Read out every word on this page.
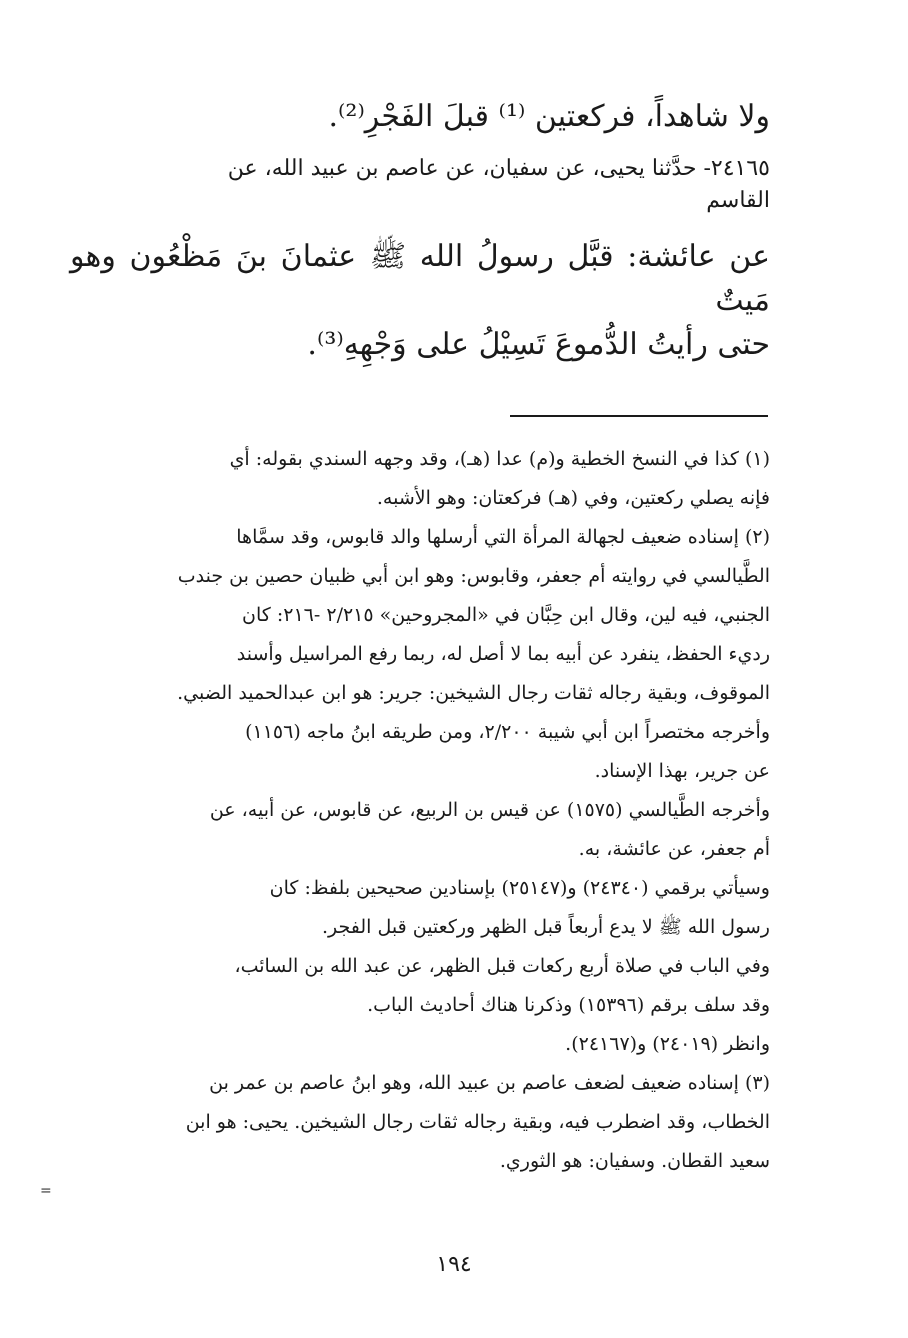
ولا شاهداً، فركعتين ⁽¹⁾ قبلَ الفَجْرِ⁽²⁾.

٢٤١٦٥- حدَّثنا يحيى، عن سفيان، عن عاصم بن عبيد الله، عن

القاسم

عن عائشة: قبَّل رسولُ الله ﷺ عثمانَ بنَ مَظْعُون وهو مَيتٌ

حتى رأيتُ الدُّموعَ تَسِيْلُ على وَجْهِهِ⁽³⁾.

(١) كذا في النسخ الخطية و(م) عدا (هـ)، وقد وجهه السندي بقوله: أي

فإنه يصلي ركعتين، وفي (هـ) فركعتان: وهو الأشبه.

(٢) إسناده ضعيف لجهالة المرأة التي أرسلها والد قابوس، وقد سمَّاها

الطَّيالسي في روايته أم جعفر، وقابوس: وهو ابن أبي ظبيان حصين بن جندب

الجنبي، فيه لين، وقال ابن حِبَّان في «المجروحين» ٢/٢١٥ -٢١٦: كان

رديء الحفظ، ينفرد عن أبيه بما لا أصل له، ربما رفع المراسيل وأسند

الموقوف، وبقية رجاله ثقات رجال الشيخين: جرير: هو ابن عبدالحميد الضبي.

وأخرجه مختصراً ابن أبي شيبة ٢/٢٠٠، ومن طريقه ابنُ ماجه (١١٥٦)

عن جرير، بهذا الإسناد.

وأخرجه الطَّيالسي (١٥٧٥) عن قيس بن الربيع، عن قابوس، عن أبيه، عن

أم جعفر، عن عائشة، به.

وسيأتي برقمي (٢٤٣٤٠) و(٢٥١٤٧) بإسنادين صحيحين بلفظ: كان

رسول الله ﷺ لا يدع أربعاً قبل الظهر وركعتين قبل الفجر.

وفي الباب في صلاة أربع ركعات قبل الظهر، عن عبد الله بن السائب،

وقد سلف برقم (١٥٣٩٦) وذكرنا هناك أحاديث الباب.

وانظر (٢٤٠١٩) و(٢٤١٦٧).

(٣) إسناده ضعيف لضعف عاصم بن عبيد الله، وهو ابنُ عاصم بن عمر بن

الخطاب، وقد اضطرب فيه، وبقية رجاله ثقات رجال الشيخين. يحيى: هو ابن

سعيد القطان. وسفيان: هو الثوري.

=
١٩٤
